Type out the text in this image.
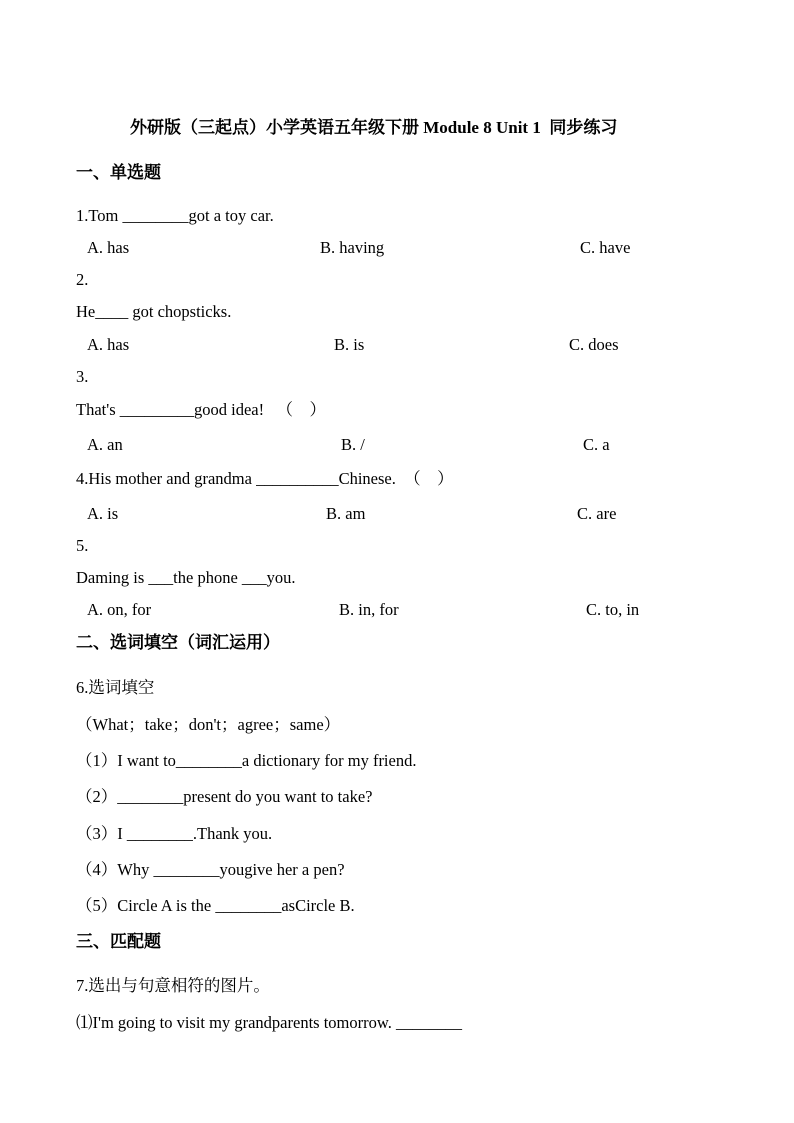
外研版（三起点）小学英语五年级下册 Module 8 Unit 1  同步练习
一、单选题
1.Tom ________got a toy car.
A. has	B. having	C. have
2.
He____ got chopsticks.
A. has	B. is	C. does
3.
That's _________good idea!   （    ）
A. an	B. /	C. a
4.His mother and grandma __________Chinese.  （    ）
A. is	B. am	C. are
5.
Daming is ___the phone ___you.
A. on, for	B. in, for	C. to, in
二、选词填空（词汇运用）
6.选词填空
（What；take；don't；agree；same）
（1）I want to________a dictionary for my friend.
（2）________present do you want to take?
（3）I ________.Thank you.
（4）Why ________yougive her a pen?
（5）Circle A is the ________asCircle B.
三、匹配题
7.选出与句意相符的图片。
⑴I'm going to visit my grandparents tomorrow. ________
